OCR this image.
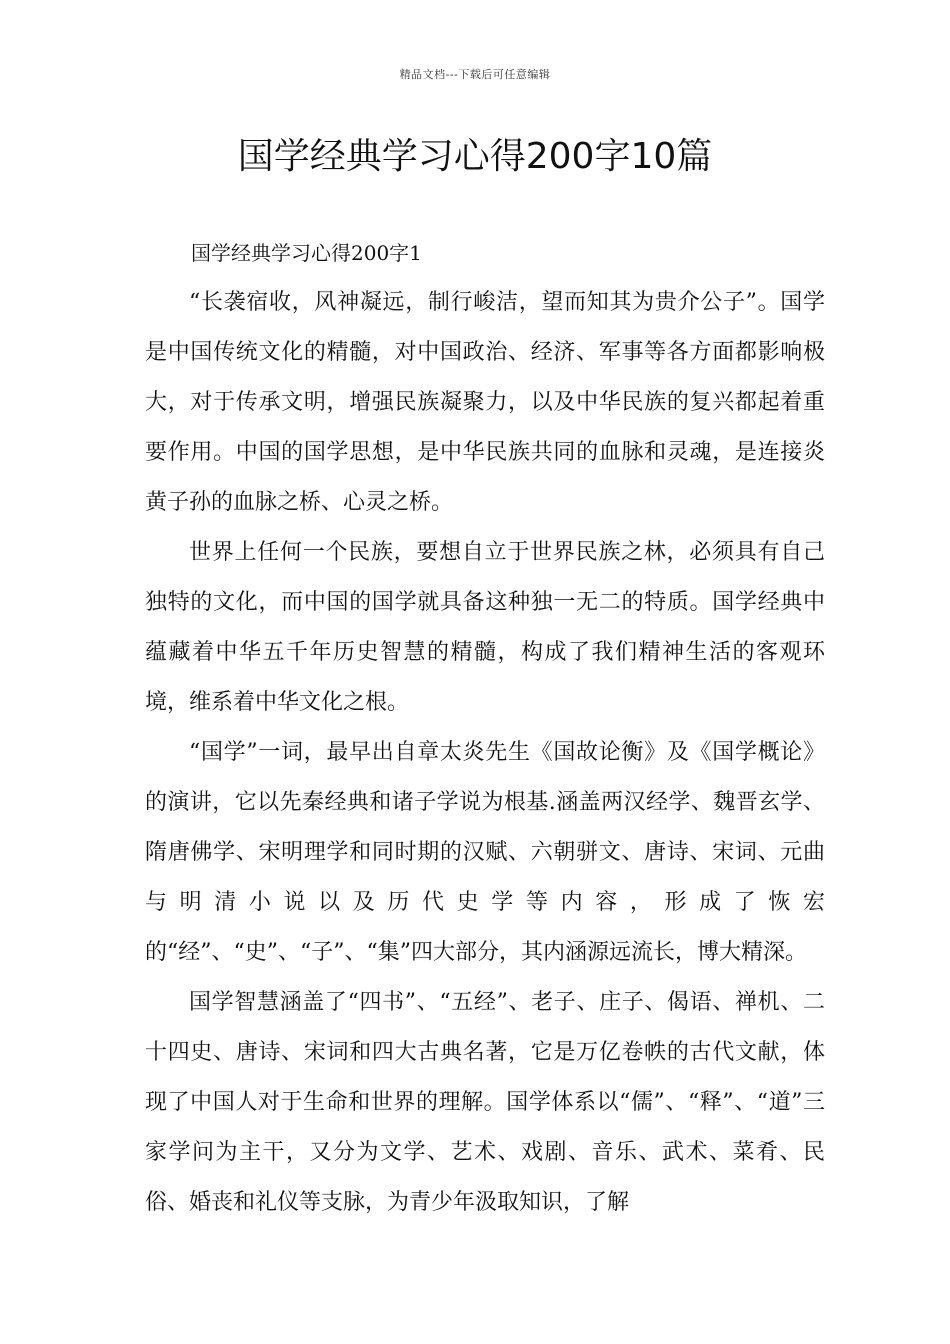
精品文档---下载后可任意编辑
国学经典学习心得200字10篇

国学经典学习心得200字1

“长袭宿收，风神凝远，制行峻洁，望而知其为贵介公子”。国学是中国传统文化的精髓，对中国政治、经济、军事等各方面都影响极大，对于传承文明，增强民族凝聚力，以及中华民族的复兴都起着重要作用。中国的国学思想，是中华民族共同的血脉和灵魂，是连接炎黄子孙的血脉之桥、心灵之桥。

世界上任何一个民族，要想自立于世界民族之林，必须具有自己独特的文化，而中国的国学就具备这种独一无二的特质。国学经典中蕴藏着中华五千年历史智慧的精髓，构成了我们精神生活的客观环境，维系着中华文化之根。

“国学”一词，最早出自章太炎先生《国故论衡》及《国学概论》的演讲，它以先秦经典和诸子学说为根基.涵盖两汉经学、魏晋玄学、隋唐佛学、宋明理学和同时期的汉赋、六朝骈文、唐诗、宋词、元曲与明清小说以及历代史学等内容，形成了恢宏的“经”、“史”、“子”、“集”四大部分，其内涵源远流长，博大精深。

国学智慧涵盖了“四书”、“五经”、老子、庄子、偈语、禅机、二十四史、唐诗、宋词和四大古典名著，它是万亿卷帙的古代文献，体现了中国人对于生命和世界的理解。国学体系以“儒”、“释”、“道”三家学问为主干，又分为文学、艺术、戏剧、音乐、武术、菜肴、民俗、婚丧和礼仪等支脉，为青少年汲取知识，了解
